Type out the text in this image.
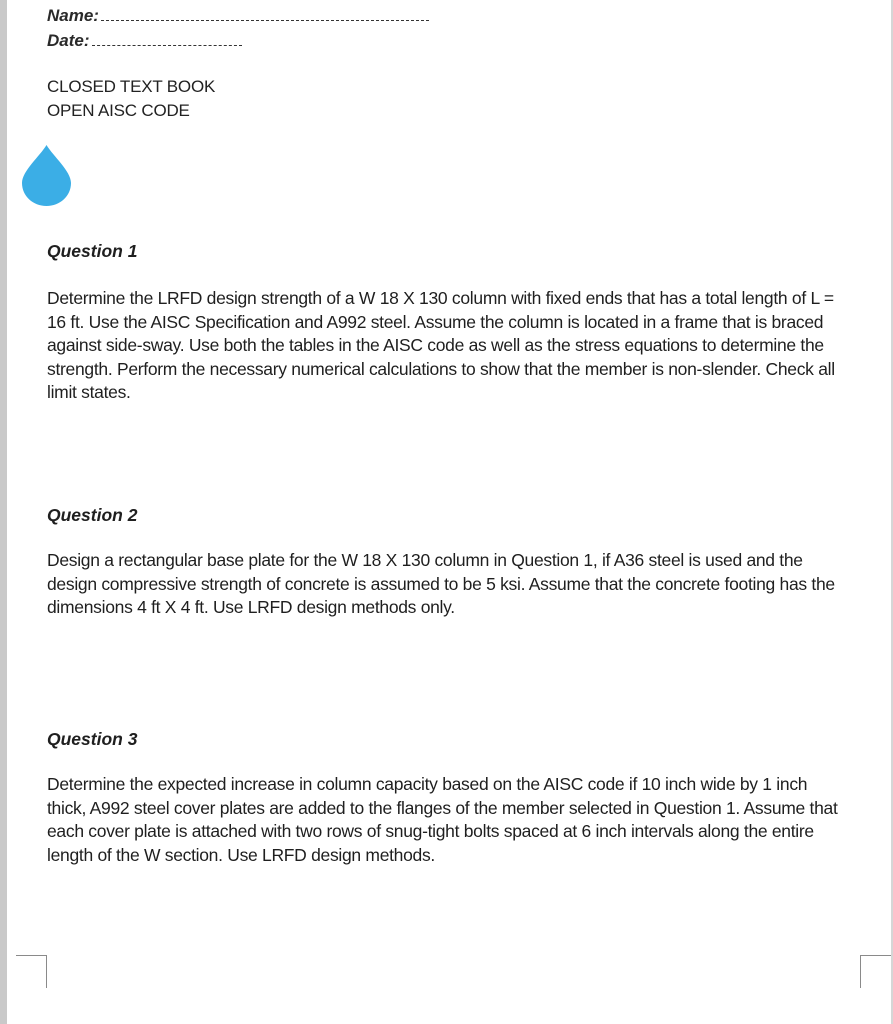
Name:
Date:
CLOSED TEXT BOOK
OPEN AISC CODE
Question 1
Determine the LRFD design strength of a W 18 X 130 column with fixed ends that has a total length of L = 16 ft. Use the AISC Specification and A992 steel. Assume the column is located in a frame that is braced against side-sway. Use both the tables in the AISC code as well as the stress equations to determine the strength. Perform the necessary numerical calculations to show that the member is non-slender. Check all limit states.
Question 2
Design a rectangular base plate for the W 18 X 130 column in Question 1, if A36 steel is used and the design compressive strength of concrete is assumed to be 5 ksi. Assume that the concrete footing has the dimensions 4 ft X 4 ft. Use LRFD design methods only.
Question 3
Determine the expected increase in column capacity based on the AISC code if 10 inch wide by 1 inch thick, A992 steel cover plates are added to the flanges of the member selected in Question 1. Assume that each cover plate is attached with two rows of snug-tight bolts spaced at 6 inch intervals along the entire length of the W section. Use LRFD design methods.
